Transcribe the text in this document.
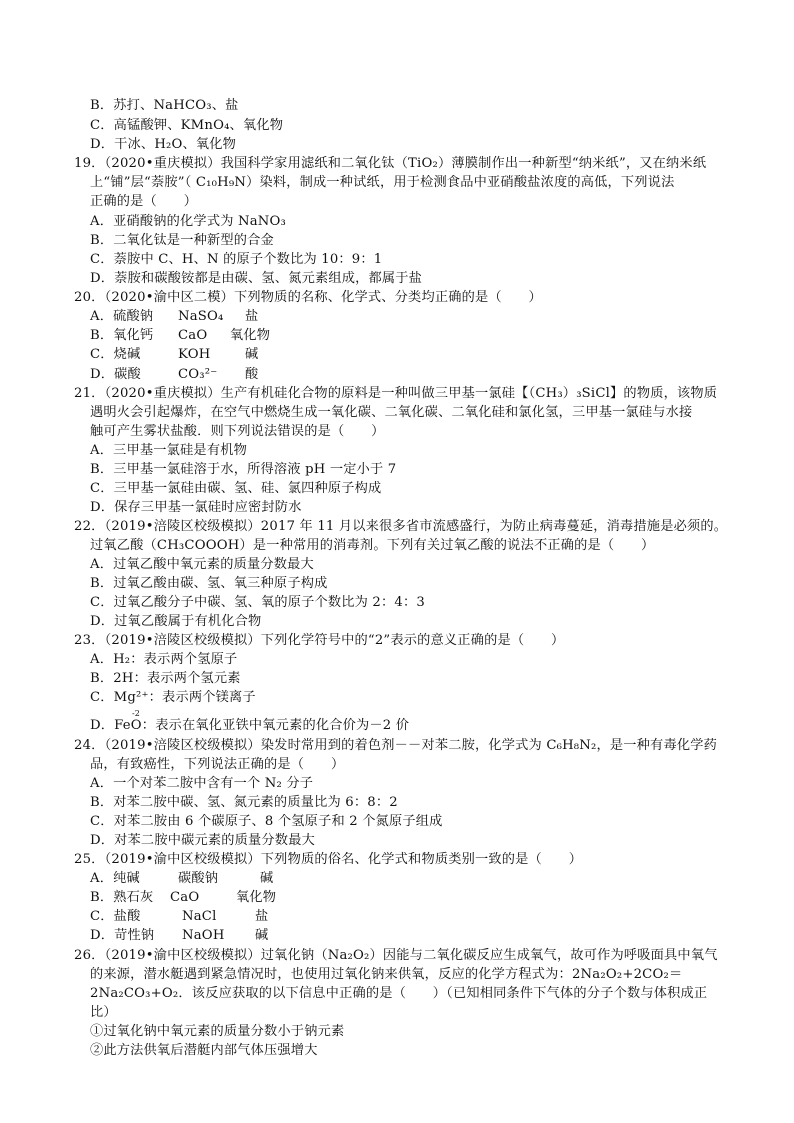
B．苏打、NaHCO₃、盐
C．高锰酸钾、KMnO₄、氧化物
D．干冰、H₂O、氧化物
19．（2020•重庆模拟）我国科学家用滤纸和二氧化钛（TiO₂）薄膜制作出一种新型“纳米纸”，又在纳米纸
上“铺”层“萘胺”（ C₁₀H₉N）染料，制成一种试纸，用于检测食品中亚硝酸盐浓度的高低，下列说法
正确的是（　　）
A．亚硝酸钠的化学式为 NaNO₃
B．二氧化钛是一种新型的合金
C．萘胺中 C、H、N 的原子个数比为 10：9：1
D．萘胺和碳酸铵都是由碳、氢、氮元素组成，都属于盐
20．（2020•渝中区二模）下列物质的名称、化学式、分类均正确的是（　　）
A．硫酸钠 NaSO₄ 盐
B．氧化钙 CaO 氧化物
C．烧碱	KOH	碱
D．碳酸	CO₃²⁻ 酸
21．（2020•重庆模拟）生产有机硅化合物的原料是一种叫做三甲基一氯硅【（CH₃）₃SiCl】的物质，该物质
遇明火会引起爆炸，在空气中燃烧生成一氧化碳、二氧化碳、二氧化硅和氯化氢，三甲基一氯硅与水接
触可产生雾状盐酸．则下列说法错误的是（　　）
A．三甲基一氯硅是有机物
B．三甲基一氯硅溶于水，所得溶液 pH 一定小于 7
C．三甲基一氯硅由碳、氢、硅、氯四种原子构成
D．保存三甲基一氯硅时应密封防水
22．（2019•涪陵区校级模拟）2017 年 11 月以来很多省市流感盛行，为防止病毒蔓延，消毒措施是必须的。
过氧乙酸（CH₃COOOH）是一种常用的消毒剂。下列有关过氧乙酸的说法不正确的是（　　）
A．过氧乙酸中氧元素的质量分数最大
B．过氧乙酸由碳、氢、氧三种原子构成
C．过氧乙酸分子中碳、氢、氧的原子个数比为 2：4：3
D．过氧乙酸属于有机化合物
23．（2019•涪陵区校级模拟）下列化学符号中的“2”表示的意义正确的是（　　）
A．H₂：表示两个氢原子
B．2H：表示两个氢元素
C．Mg²⁺：表示两个镁离子
-2
D．FeO：表示在氧化亚铁中氧元素的化合价为－2 价
24．（2019•涪陵区校级模拟）染发时常用到的着色剂－－对苯二胺，化学式为 C₆H₈N₂，是一种有毒化学药
品，有致癌性，下列说法正确的是（　　）
A．一个对苯二胺中含有一个 N₂ 分子
B．对苯二胺中碳、氢、氮元素的质量比为 6：8：2
C．对苯二胺由 6 个碳原子、8 个氢原子和 2 个氮原子组成
D．对苯二胺中碳元素的质量分数最大
25．（2019•渝中区校级模拟）下列物质的俗名、化学式和物质类别一致的是（　　）
A．纯碱	碳酸钠	碱
B．熟石灰 CaO	氧化物
C．盐酸	NaCl	盐
D．苛性钠 NaOH 碱
26．（2019•渝中区校级模拟）过氧化钠（Na₂O₂）因能与二氧化碳反应生成氧气，故可作为呼吸面具中氧气
的来源，潜水艇遇到紧急情况时，也使用过氧化钠来供氧，反应的化学方程式为：2Na₂O₂+2CO₂＝
2Na₂CO₃+O₂．该反应获取的以下信息中正确的是（　　）（已知相同条件下气体的分子个数与体积成正
比）
①过氧化钠中氧元素的质量分数小于钠元素
②此方法供氧后潜艇内部气体压强增大
